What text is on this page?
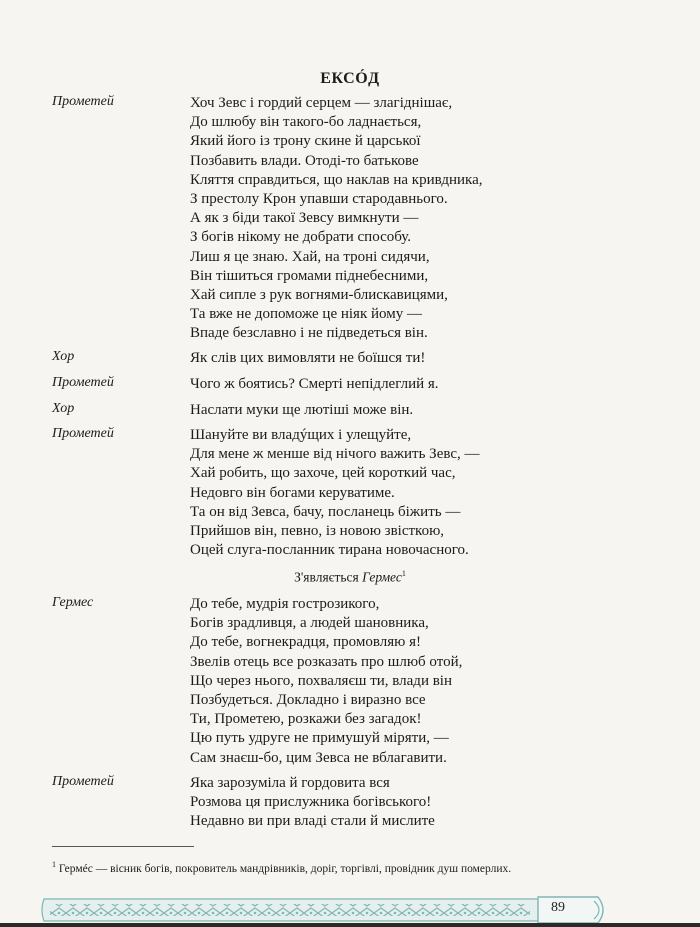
ЕКСÓД
Прометей	Хоч Зевс і гордий серцем — злагіднішає,
До шлюбу він такого-бо ладнається,
Який його із трону скине й царської
Позбавить влади. Отоді-то батькове
Кляття справдиться, що наклав на кривдника,
З престолу Крон упавши стародавнього.
А як з біди такої Зевсу вимкнути —
З богів нікому не добрати способу.
Лиш я це знаю. Хай, на троні сидячи,
Він тішиться громами піднебесними,
Хай сипле з рук вогнями-блискавицями,
Та вже не допоможе це ніяк йому —
Впаде безславно і не підведеться він.
Хор	Як слів цих вимовляти не боїшся ти!
Прометей	Чого ж боятись? Смерті непідлеглий я.
Хор	Наслати муки ще лютіші може він.
Прометей	Шануйте ви владýщих і улещуйте,
Для мене ж менше від нічого важить Зевс, —
Хай робить, що захоче, цей короткий час,
Недовго він богами керуватиме.
Та он від Зевса, бачу, посланець біжить —
Прийшов він, певно, із новою звісткою,
Оцей слуга-посланник тирана новочасного.
З'являється Гермес$^1$
Гермес	До тебе, мудрія гострозикого,
Богів зрадливця, а людей шановника,
До тебе, вогнекрадця, промовляю я!
Звелів отець все розказать про шлюб отой,
Що через нього, похваляєш ти, влади він
Позбудеться. Докладно і виразно все
Ти, Прометею, розкажи без загадок!
Цю путь удруге не примушуй міряти, —
Сам знаєш-бо, цим Зевса не вблагавити.
Прометей	Яка зарозуміла й гордовита вся
Розмова ця прислужника богівського!
Недавно ви при владі стали й мислите
$^1$ Гермéс — вісник богів, покровитель мандрівників, доріг, торгівлі, провідник душ померлих.
89
